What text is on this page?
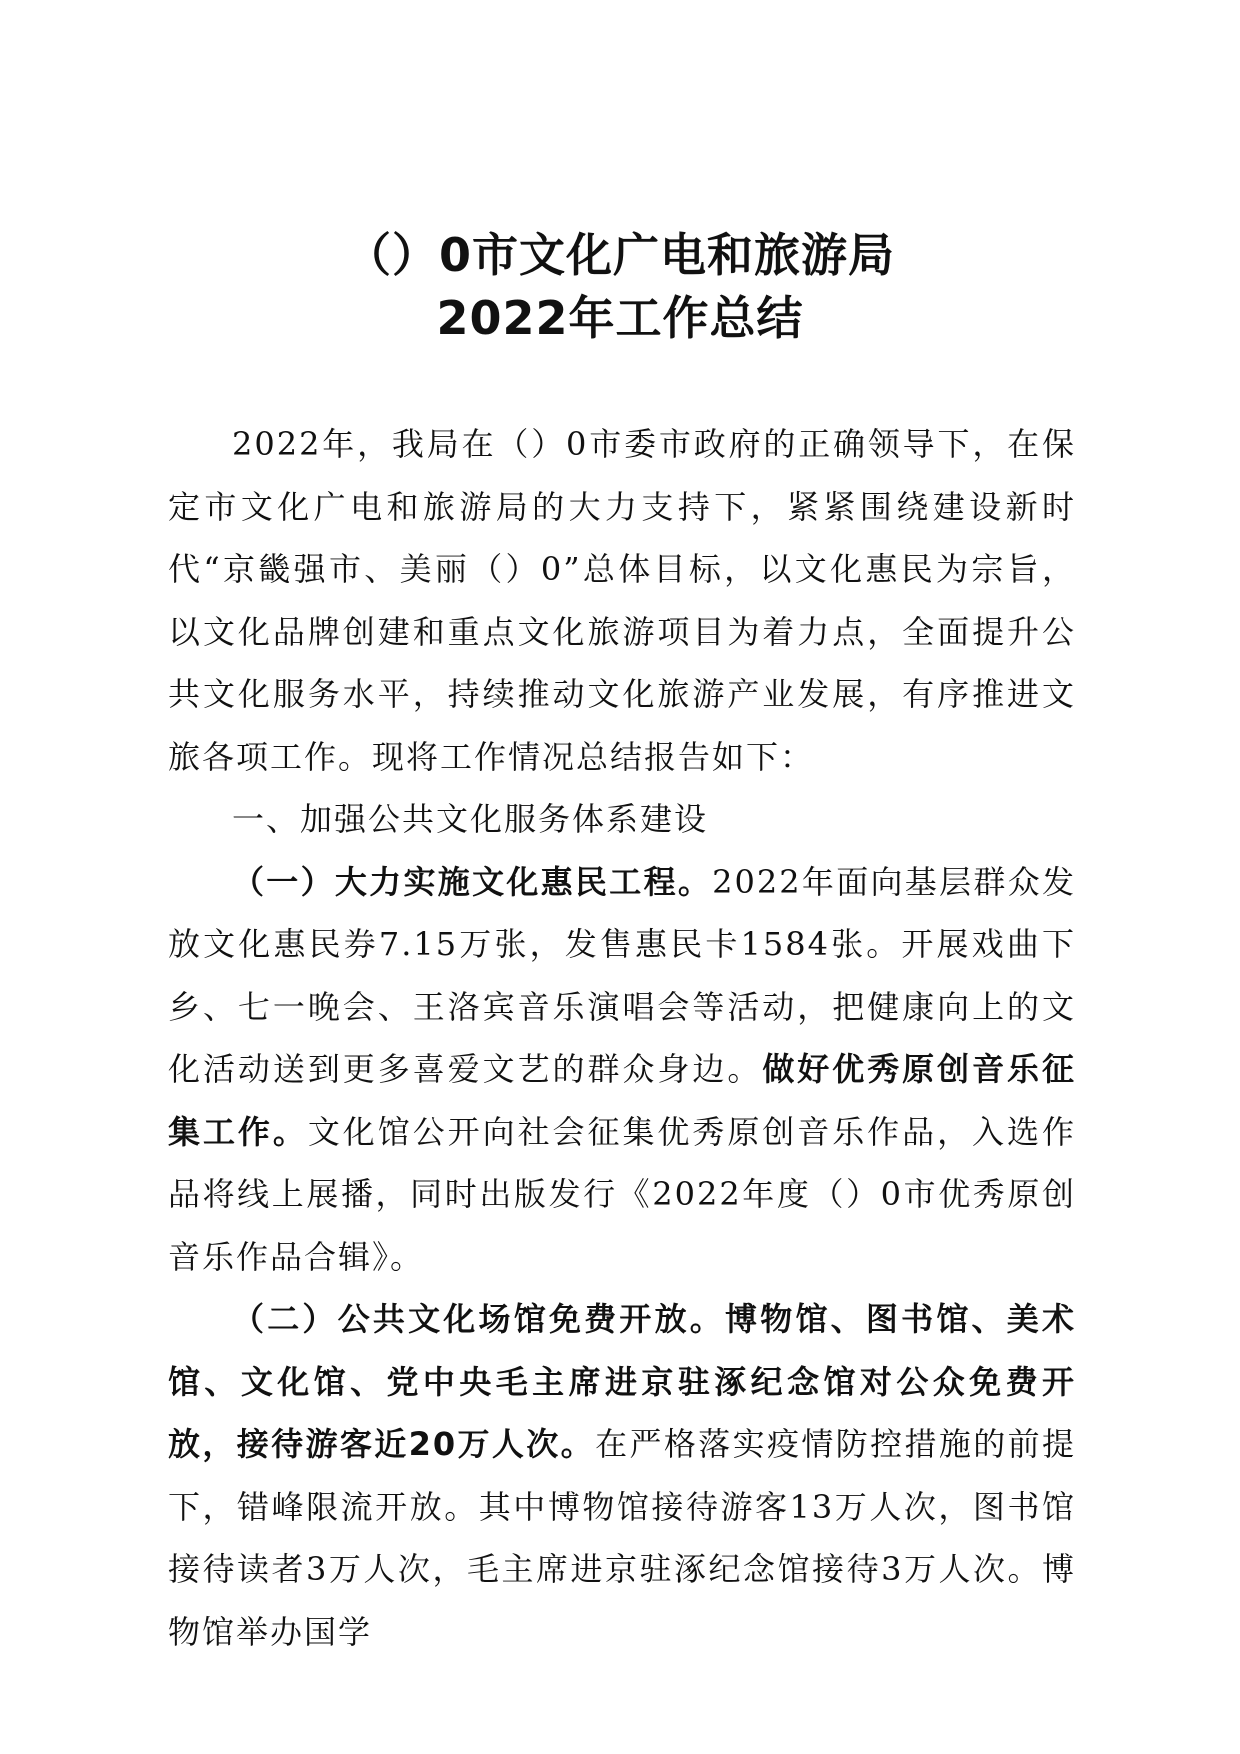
（）0市文化广电和旅游局
2022年工作总结

2022年，我局在（）0市委市政府的正确领导下，在保定市文化广电和旅游局的大力支持下，紧紧围绕建设新时代“京畿强市、美丽（）0”总体目标，以文化惠民为宗旨，以文化品牌创建和重点文化旅游项目为着力点，全面提升公共文化服务水平，持续推动文化旅游产业发展，有序推进文旅各项工作。现将工作情况总结报告如下：

一、加强公共文化服务体系建设

（一）大力实施文化惠民工程。2022年面向基层群众发放文化惠民券7.15万张，发售惠民卡1584张。开展戏曲下乡、七一晚会、王洛宾音乐演唱会等活动，把健康向上的文化活动送到更多喜爱文艺的群众身边。做好优秀原创音乐征集工作。文化馆公开向社会征集优秀原创音乐作品，入选作品将线上展播，同时出版发行《2022年度（）0市优秀原创音乐作品合辑》。

（二）公共文化场馆免费开放。博物馆、图书馆、美术馆、文化馆、党中央毛主席进京驻涿纪念馆对公众免费开放，接待游客近20万人次。在严格落实疫情防控措施的前提下，错峰限流开放。其中博物馆接待游客13万人次，图书馆接待读者3万人次，毛主席进京驻涿纪念馆接待3万人次。博物馆举办国学
